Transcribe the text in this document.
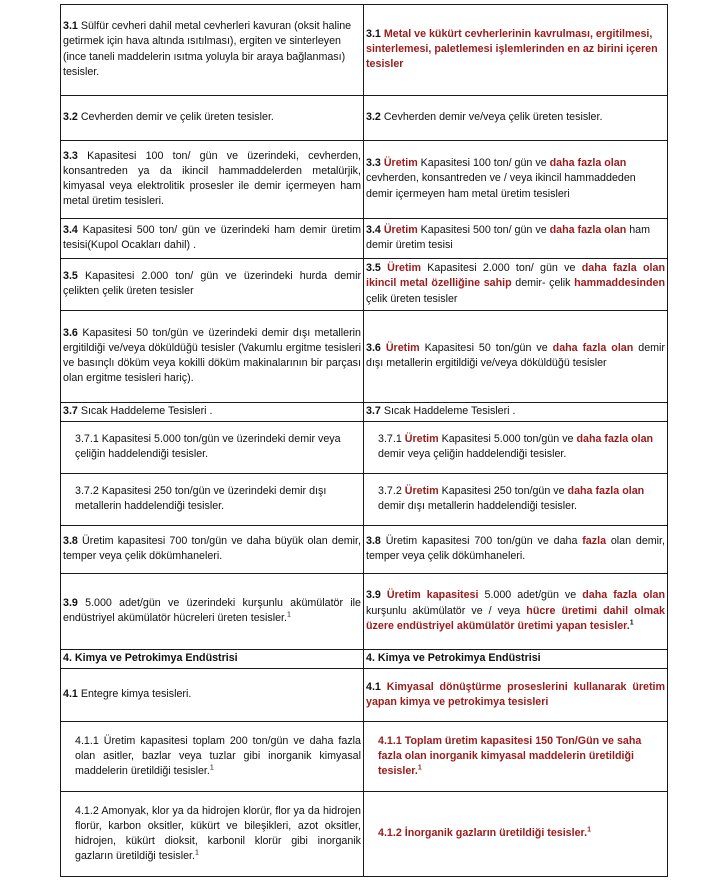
3.1 Sülfür cevheri dahil metal cevherleri kavuran (oksit haline getirmek için hava altında ısıtılması), ergiten ve sinterleyen (ince taneli maddelerin ısıtma yoluyla bir araya bağlanması) tesisler.	3.1 Metal ve kükürt cevherlerinin kavrulması, ergitilmesi, sinterlemesi, paletlemesi işlemlerinden en az birini içeren tesisler
3.2 Cevherden demir ve çelik üreten tesisler.	3.2 Cevherden demir ve/veya çelik üreten tesisler.
3.3 Kapasitesi 100 ton/ gün ve üzerindeki, cevherden, konsantreden ya da ikincil hammaddelerden metalürjik, kimyasal veya elektrolitik prosesler ile demir içermeyen ham metal üretim tesisleri.	3.3 Üretim Kapasitesi 100 ton/ gün ve daha fazla olan cevherden, konsantreden ve / veya ikincil hammaddeden demir içermeyen ham metal üretim tesisleri
3.4 Kapasitesi 500 ton/ gün ve üzerindeki ham demir üretim tesisi(Kupol Ocakları dahil) .	3.4 Üretim Kapasitesi 500 ton/ gün ve daha fazla olan ham demir üretim tesisi
3.5 Kapasitesi 2.000 ton/ gün ve üzerindeki hurda demir çelikten çelik üreten tesisler	3.5 Üretim Kapasitesi 2.000 ton/ gün ve daha fazla olan ikincil metal özelliğine sahip demir- çelik hammaddesinden çelik üreten tesisler
3.6 Kapasitesi 50 ton/gün ve üzerindeki demir dışı metallerin ergitildiği ve/veya döküldüğü tesisler (Vakumlu ergitme tesisleri ve basınçlı döküm veya kokilli döküm makinalarının bir parçası olan ergitme tesisleri hariç).	3.6 Üretim Kapasitesi 50 ton/gün ve daha fazla olan demir dışı metallerin ergitildiği ve/veya döküldüğü tesisler
3.7 Sıcak Haddeleme Tesisleri .	3.7 Sıcak Haddeleme Tesisleri .
3.7.1 Kapasitesi 5.000 ton/gün ve üzerindeki demir veya çeliğin haddelendiği tesisler.	3.7.1 Üretim Kapasitesi 5.000 ton/gün ve daha fazla olan demir veya çeliğin haddelendiği tesisler.
3.7.2 Kapasitesi 250 ton/gün ve üzerindeki demir dışı metallerin haddelendiği tesisler.	3.7.2 Üretim Kapasitesi 250 ton/gün ve daha fazla olan demir dışı metallerin haddelendiği tesisler.
3.8 Üretim kapasitesi 700 ton/gün ve daha büyük olan demir, temper veya çelik dökümhaneleri.	3.8 Üretim kapasitesi 700 ton/gün ve daha fazla olan demir, temper veya çelik dökümhaneleri.
3.9 5.000 adet/gün ve üzerindeki kurşunlu akümülatör ile endüstriyel akümülatör hücreleri üreten tesisler.$^1$	3.9 Üretim kapasitesi 5.000 adet/gün ve daha fazla olan kurşunlu akümülatör ve / veya hücre üretimi dahil olmak üzere endüstriyel akümülatör üretimi yapan tesisler.$^1$
4. Kimya ve Petrokimya Endüstrisi	4. Kimya ve Petrokimya Endüstrisi
4.1 Entegre kimya tesisleri.	4.1 Kimyasal dönüştürme proseslerini kullanarak üretim yapan kimya ve petrokimya tesisleri
4.1.1 Üretim kapasitesi toplam 200 ton/gün ve daha fazla olan asitler, bazlar veya tuzlar gibi inorganik kimyasal maddelerin üretildiği tesisler.$^1$	4.1.1 Toplam üretim kapasitesi 150 Ton/Gün ve saha fazla olan inorganik kimyasal maddelerin üretildiği tesisler.$^1$
4.1.2 Amonyak, klor ya da hidrojen klorür, flor ya da hidrojen florür, karbon oksitler, kükürt ve bileşikleri, azot oksitler, hidrojen, kükürt dioksit, karbonil klorür gibi inorganik gazların üretildiği tesisler.$^1$	4.1.2 İnorganik gazların üretildiği tesisler.$^1$
